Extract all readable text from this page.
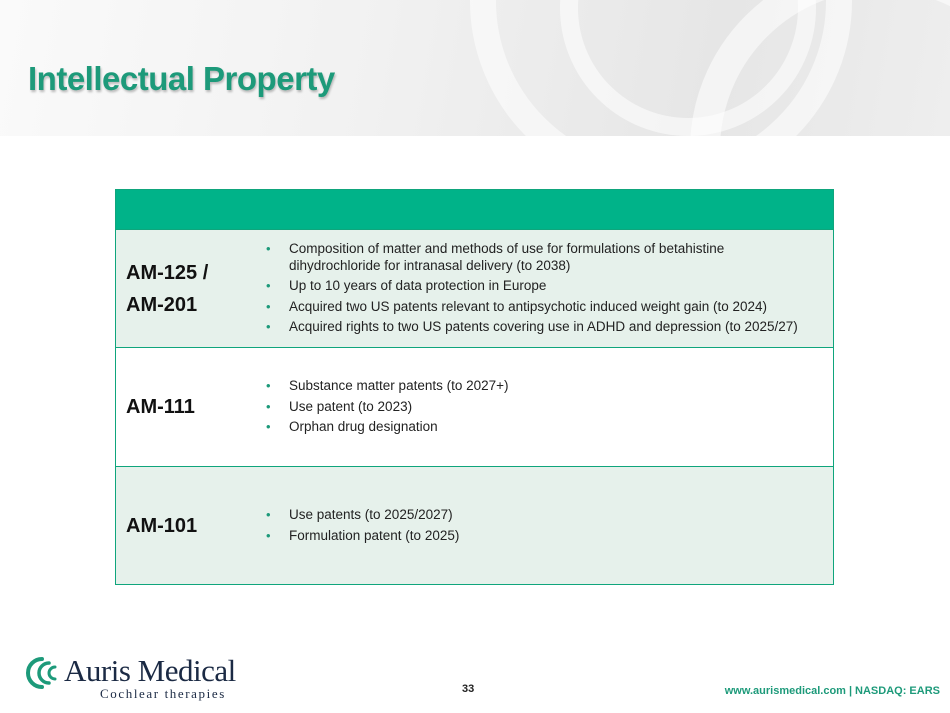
Intellectual Property
AM-125 /
AM-201
• Composition of matter and methods of use for formulations of betahistine dihydrochloride for intranasal delivery (to 2038)
• Up to 10 years of data protection in Europe
• Acquired two US patents relevant to antipsychotic induced weight gain (to 2024)
• Acquired rights to two US patents covering use in ADHD and depression (to 2025/27)
AM-111
• Substance matter patents (to 2027+)
• Use patent (to 2023)
• Orphan drug designation
AM-101
•	Use patents (to 2025/2027)
• Formulation patent (to 2025)
Auris Medical
Cochlear therapies	33	www.aurismedical.com | NASDAQ: EARS
